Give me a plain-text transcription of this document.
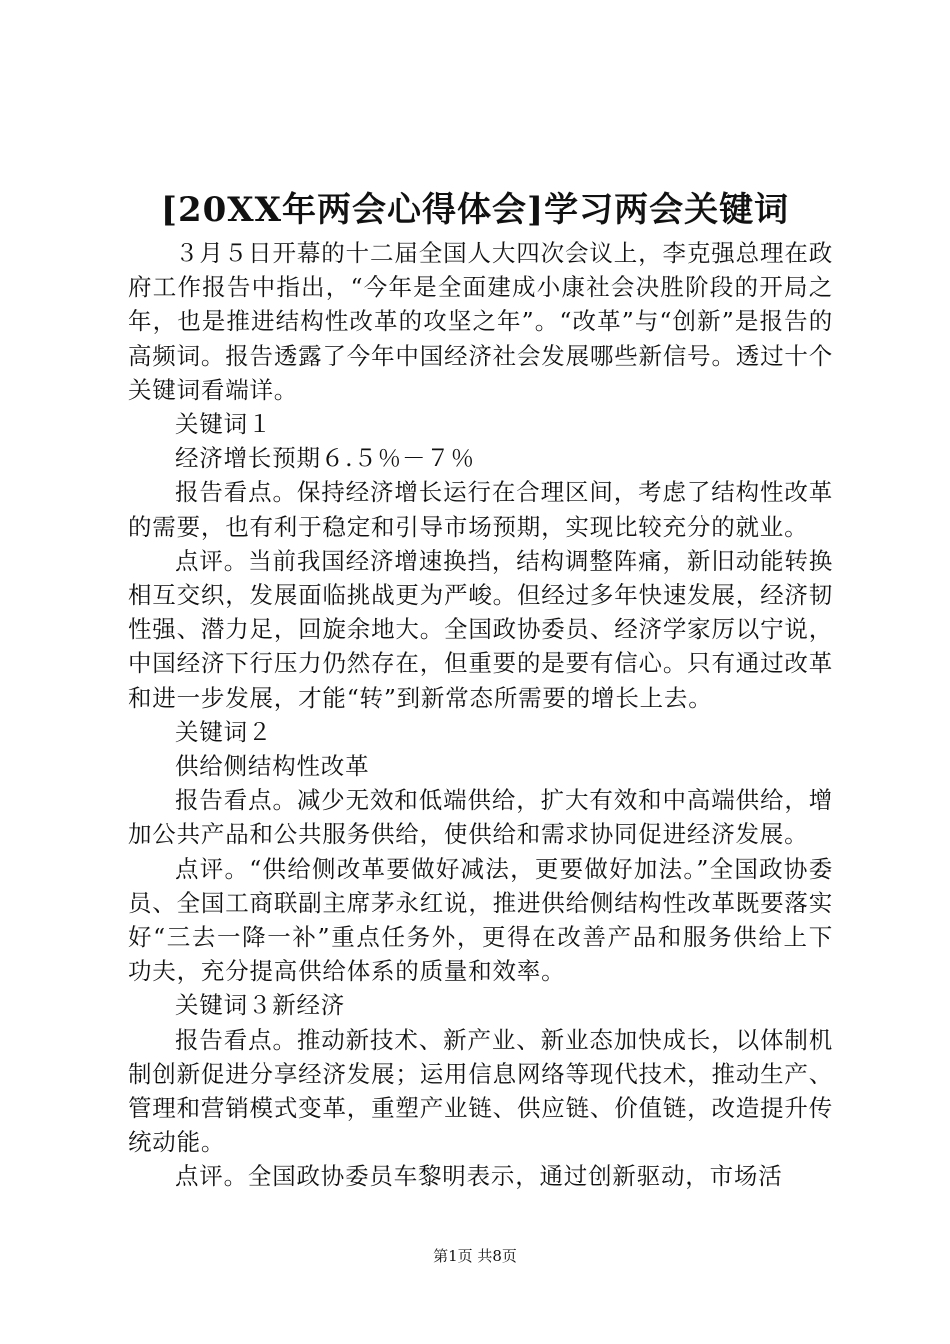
[20XX年两会心得体会]学习两会关键词

３月５日开幕的十二届全国人大四次会议上，李克强总理在政府工作报告中指出，“今年是全面建成小康社会决胜阶段的开局之年，也是推进结构性改革的攻坚之年”。“改革”与“创新”是报告的高频词。报告透露了今年中国经济社会发展哪些新信号。透过十个关键词看端详。

关键词１

经济增长预期６.５％－７％

报告看点。保持经济增长运行在合理区间，考虑了结构性改革的需要，也有利于稳定和引导市场预期，实现比较充分的就业。

点评。当前我国经济增速换挡，结构调整阵痛，新旧动能转换相互交织，发展面临挑战更为严峻。但经过多年快速发展，经济韧性强、潜力足，回旋余地大。全国政协委员、经济学家厉以宁说，中国经济下行压力仍然存在，但重要的是要有信心。只有通过改革和进一步发展，才能“转”到新常态所需要的增长上去。

关键词２

供给侧结构性改革

报告看点。减少无效和低端供给，扩大有效和中高端供给，增加公共产品和公共服务供给，使供给和需求协同促进经济发展。

点评。“供给侧改革要做好减法，更要做好加法。”全国政协委员、全国工商联副主席茅永红说，推进供给侧结构性改革既要落实好“三去一降一补”重点任务外，更得在改善产品和服务供给上下功夫，充分提高供给体系的质量和效率。

关键词３新经济

报告看点。推动新技术、新产业、新业态加快成长，以体制机制创新促进分享经济发展；运用信息网络等现代技术，推动生产、管理和营销模式变革，重塑产业链、供应链、价值链，改造提升传统动能。

点评。全国政协委员车黎明表示，通过创新驱动，市场活

第1页 共8页
